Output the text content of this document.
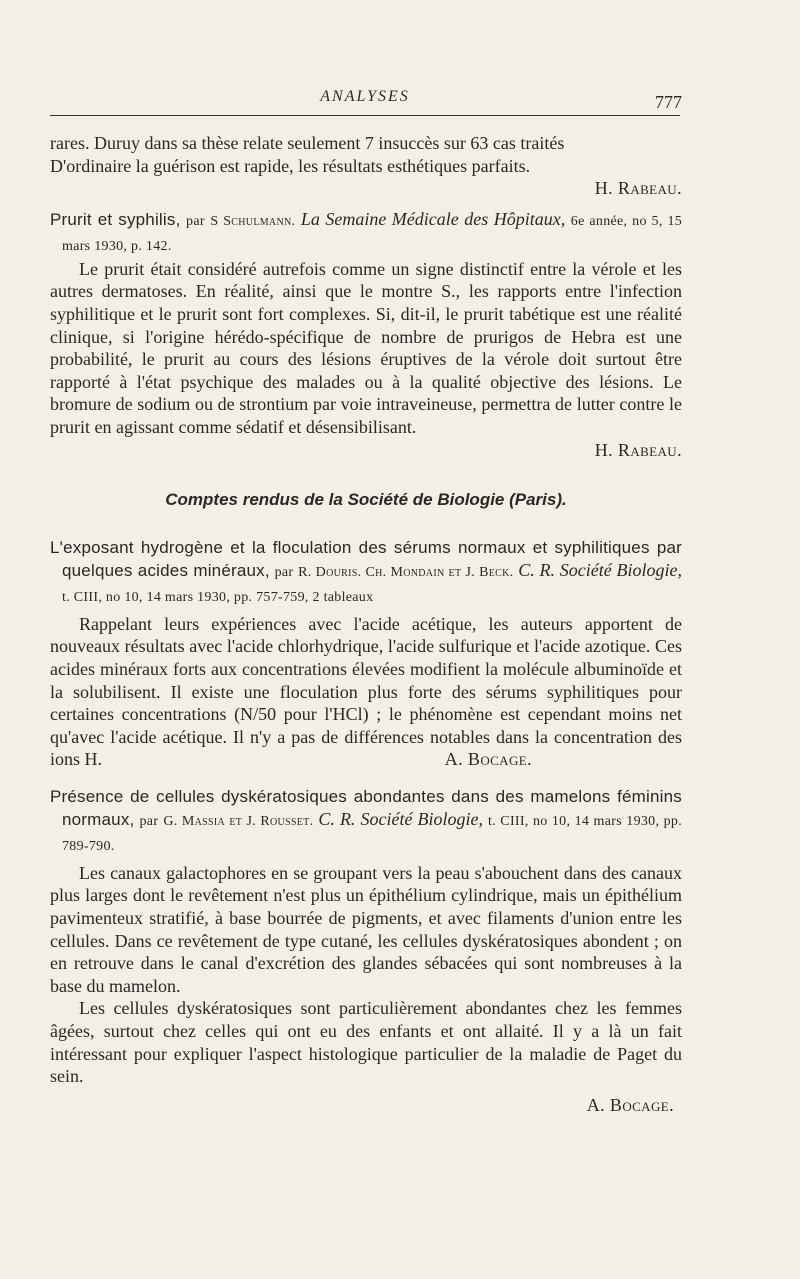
ANALYSES	777

rares. Duruy dans sa thèse relate seulement 7 insuccès sur 63 cas traités

D'ordinaire la guérison est rapide, les résultats esthétiques parfaits.

H. Rabeau.

Prurit et syphilis, par S Schulmann. La Semaine Médicale des Hôpitaux, 6e année, no 5, 15 mars 1930, p. 142.

Le prurit était considéré autrefois comme un signe distinctif entre la vérole et les autres dermatoses. En réalité, ainsi que le montre S., les rapports entre l'infection syphilitique et le prurit sont fort complexes. Si, dit-il, le prurit tabétique est une réalité clinique, si l'origine hérédo-spécifique de nombre de prurigos de Hebra est une probabilité, le prurit au cours des lésions éruptives de la vérole doit surtout être rapporté à l'état psychique des malades ou à la qualité objective des lésions. Le bromure de sodium ou de strontium par voie intraveineuse, permettra de lutter contre le prurit en agissant comme sédatif et désensibilisant.

H. Rabeau.

Comptes rendus de la Société de Biologie (Paris).

L'exposant hydrogène et la floculation des sérums normaux et syphilitiques par quelques acides minéraux, par R. Douris. Ch. Mondain et J. Beck. C. R. Société Biologie, t. CIII, no 10, 14 mars 1930, pp. 757-759, 2 tableaux

Rappelant leurs expériences avec l'acide acétique, les auteurs apportent de nouveaux résultats avec l'acide chlorhydrique, l'acide sulfurique et l'acide azotique. Ces acides minéraux forts aux concentrations élevées modifient la molécule albuminoïde et la solubilisent. Il existe une floculation plus forte des sérums syphilitiques pour certaines concentrations (N/50 pour l'HCl) ; le phénomène est cependant moins net qu'avec l'acide acétique. Il n'y a pas de différences notables dans la concentration des ions H.	A. Bocage.

Présence de cellules dyskératosiques abondantes dans des mamelons féminins normaux, par G. Massia et J. Rousset. C. R. Société Biologie, t. CIII, no 10, 14 mars 1930, pp. 789-790.

Les canaux galactophores en se groupant vers la peau s'abouchent dans des canaux plus larges dont le revêtement n'est plus un épithélium cylindrique, mais un épithélium pavimenteux stratifié, à base bourrée de pigments, et avec filaments d'union entre les cellules. Dans ce revêtement de type cutané, les cellules dyskératosiques abondent ; on en retrouve dans le canal d'excrétion des glandes sébacées qui sont nombreuses à la base du mamelon.

Les cellules dyskératosiques sont particulièrement abondantes chez les femmes âgées, surtout chez celles qui ont eu des enfants et ont allaité. Il y a là un fait intéressant pour expliquer l'aspect histologique particulier de la maladie de Paget du sein.

A. Bocage.
